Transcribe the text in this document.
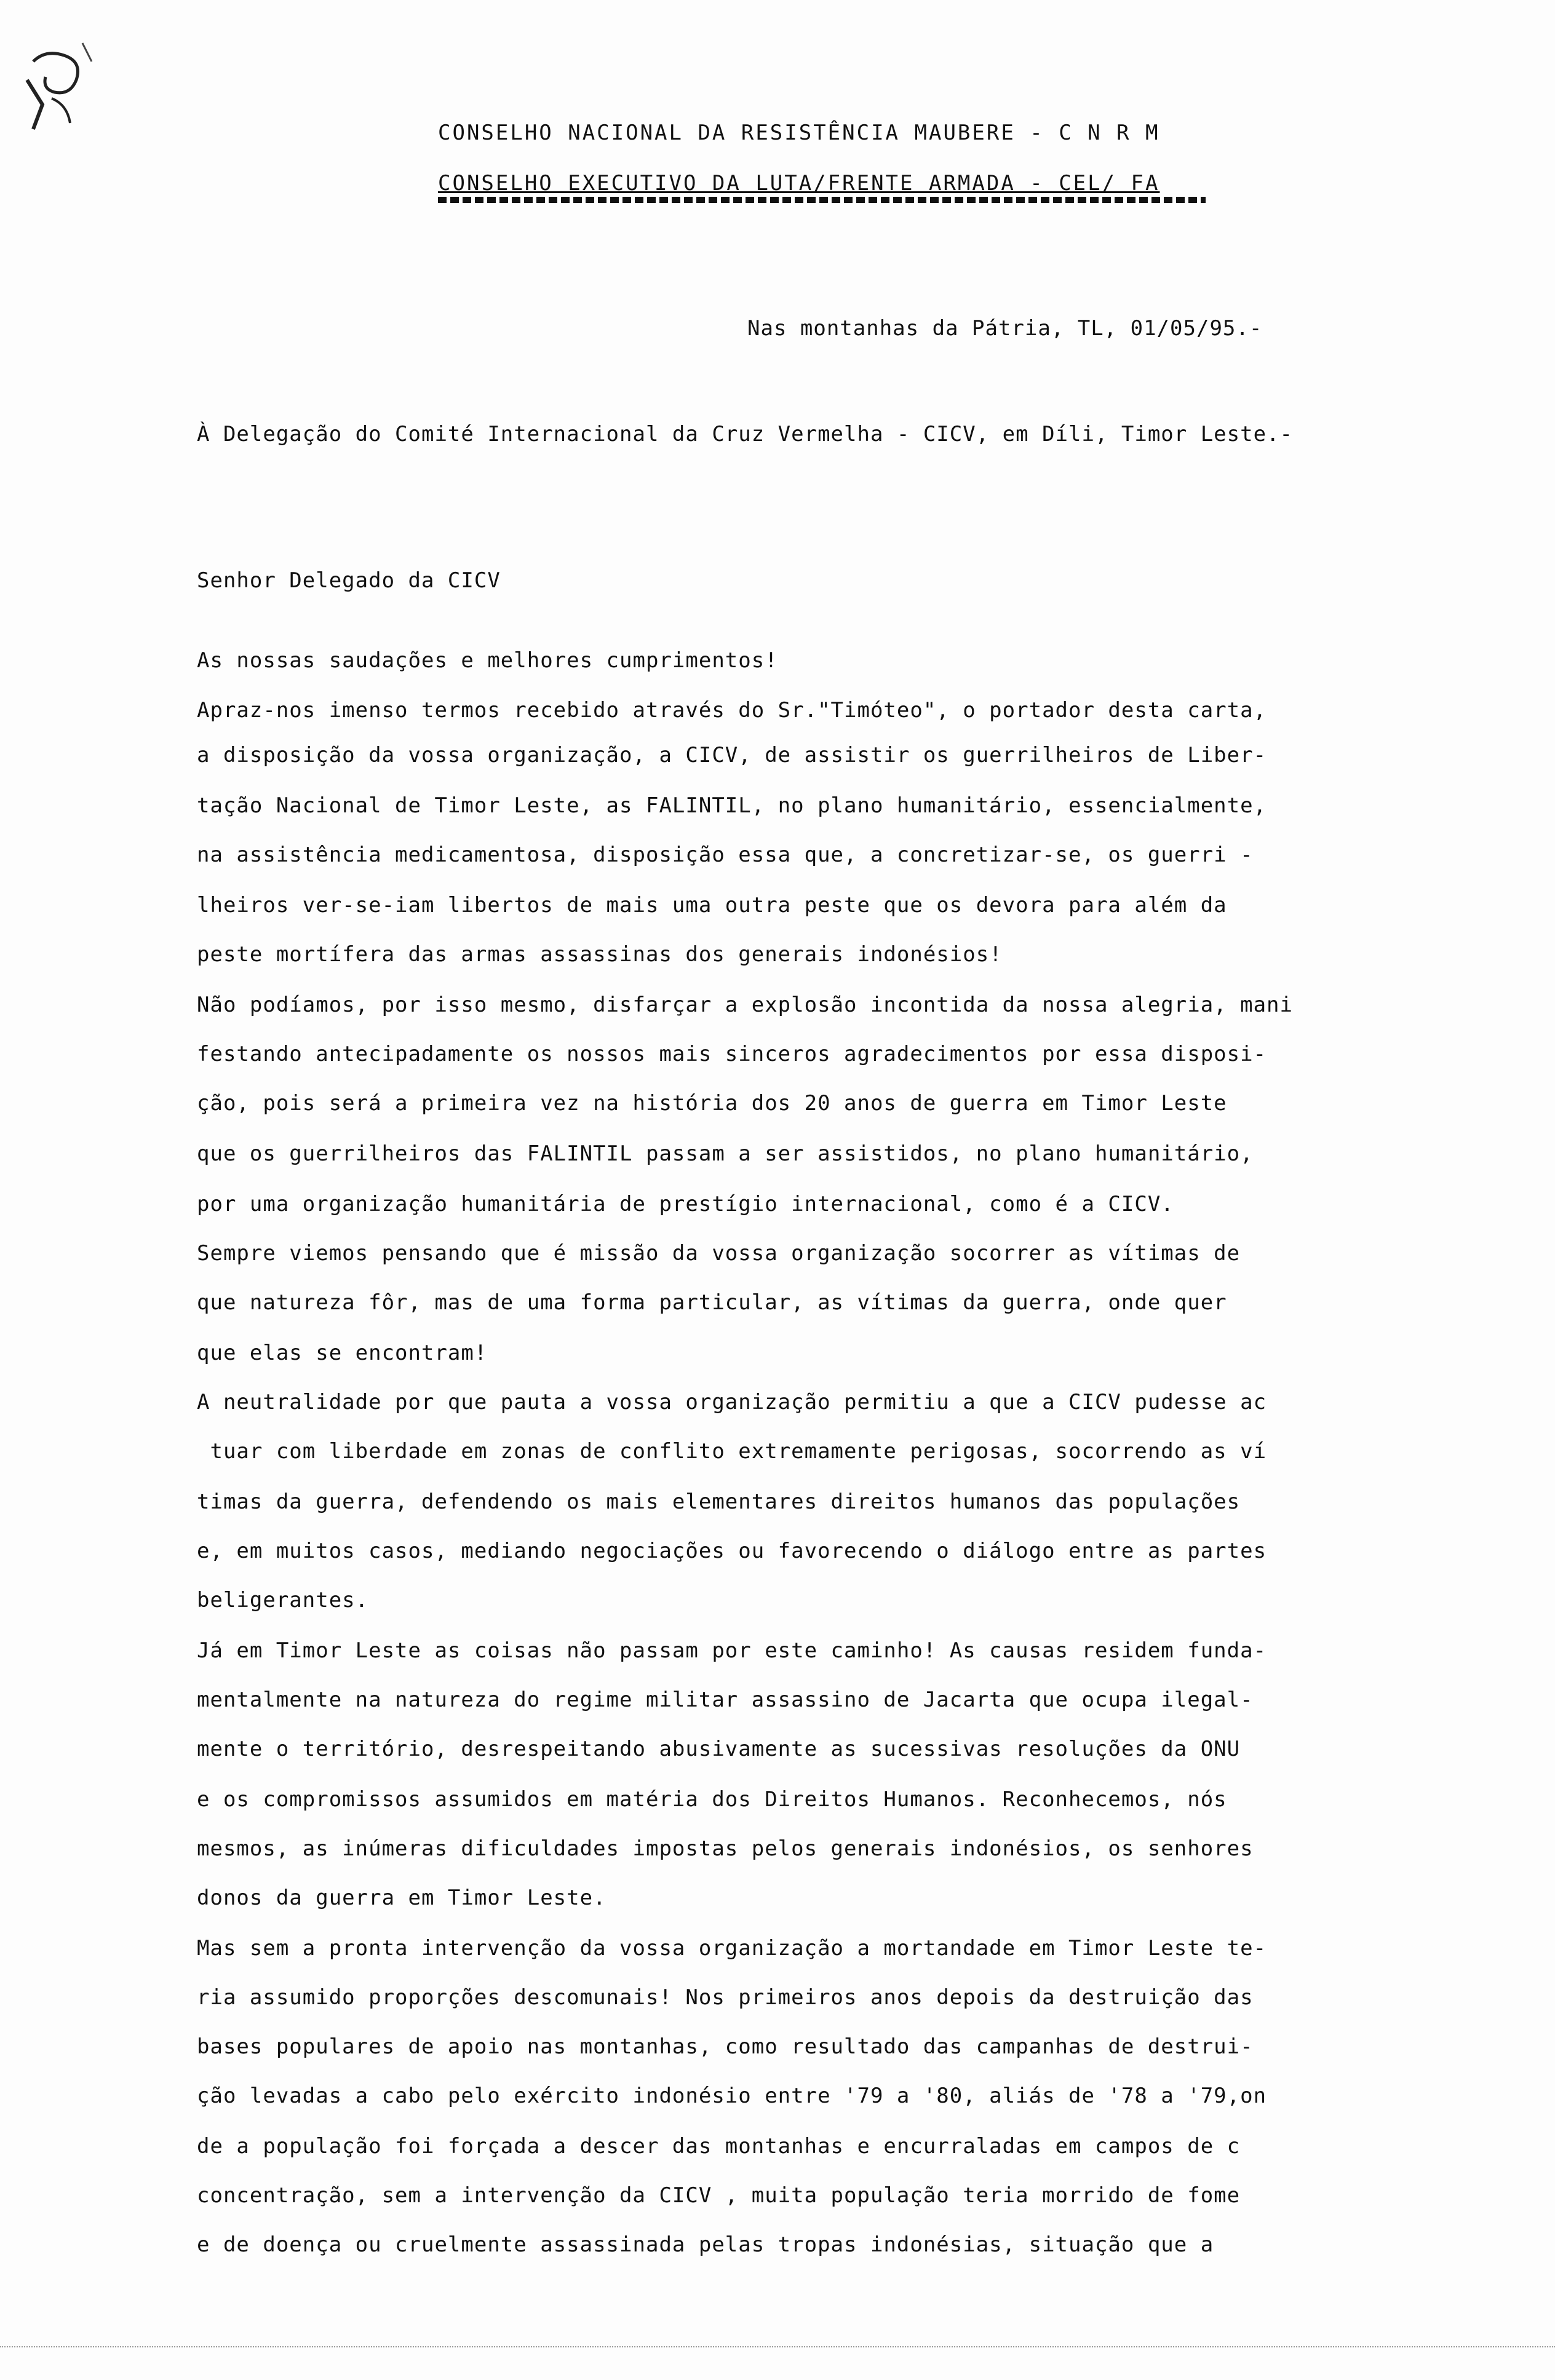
CONSELHO NACIONAL DA RESISTÊNCIA MAUBERE - C N R M
CONSELHO EXECUTIVO DA LUTA/FRENTE ARMADA - CEL/ FA
Nas montanhas da Pátria, TL, 01/05/95.-
À Delegação do Comité Internacional da Cruz Vermelha - CICV, em Díli, Timor Leste.-
Senhor Delegado da CICV
As nossas saudações e melhores cumprimentos!
Apraz-nos imenso termos recebido através do Sr."Timóteo", o portador desta carta,
a disposição da vossa organização, a CICV, de assistir os guerrilheiros de Liber-
tação Nacional de Timor Leste, as FALINTIL, no plano humanitário, essencialmente,
na assistência medicamentosa, disposição essa que, a concretizar-se, os guerri -
lheiros ver-se-iam libertos de mais uma outra peste que os devora para além da
peste mortífera das armas assassinas dos generais indonésios!
Não podíamos, por isso mesmo, disfarçar a explosão incontida da nossa alegria, mani
festando antecipadamente os nossos mais sinceros agradecimentos por essa disposi-
ção, pois será a primeira vez na história dos 20 anos de guerra em Timor Leste
que os guerrilheiros das FALINTIL passam a ser assistidos, no plano humanitário,
por uma organização humanitária de prestígio internacional, como é a CICV.
Sempre viemos pensando que é missão da vossa organização socorrer as vítimas de
que natureza fôr, mas de uma forma particular, as vítimas da guerra, onde quer
que elas se encontram!
A neutralidade por que pauta a vossa organização permitiu a que a CICV pudesse ac
tuar com liberdade em zonas de conflito extremamente perigosas, socorrendo as ví
timas da guerra, defendendo os mais elementares direitos humanos das populações
e, em muitos casos, mediando negociações ou favorecendo o diálogo entre as partes
beligerantes.
Já em Timor Leste as coisas não passam por este caminho! As causas residem funda-
mentalmente na natureza do regime militar assassino de Jacarta que ocupa ilegal-
mente o território, desrespeitando abusivamente as sucessivas resoluções da ONU
e os compromissos assumidos em matéria dos Direitos Humanos. Reconhecemos, nós
mesmos, as inúmeras dificuldades impostas pelos generais indonésios, os senhores
donos da guerra em Timor Leste.
Mas sem a pronta intervenção da vossa organização a mortandade em Timor Leste te-
ria assumido proporções descomunais! Nos primeiros anos depois da destruição das
bases populares de apoio nas montanhas, como resultado das campanhas de destrui-
ção levadas a cabo pelo exército indonésio entre '79 a '80, aliás de '78 a '79,on
de a população foi forçada a descer das montanhas e encurraladas em campos de c
concentração, sem a intervenção da CICV , muita população teria morrido de fome
e de doença ou cruelmente assassinada pelas tropas indonésias, situação que a
